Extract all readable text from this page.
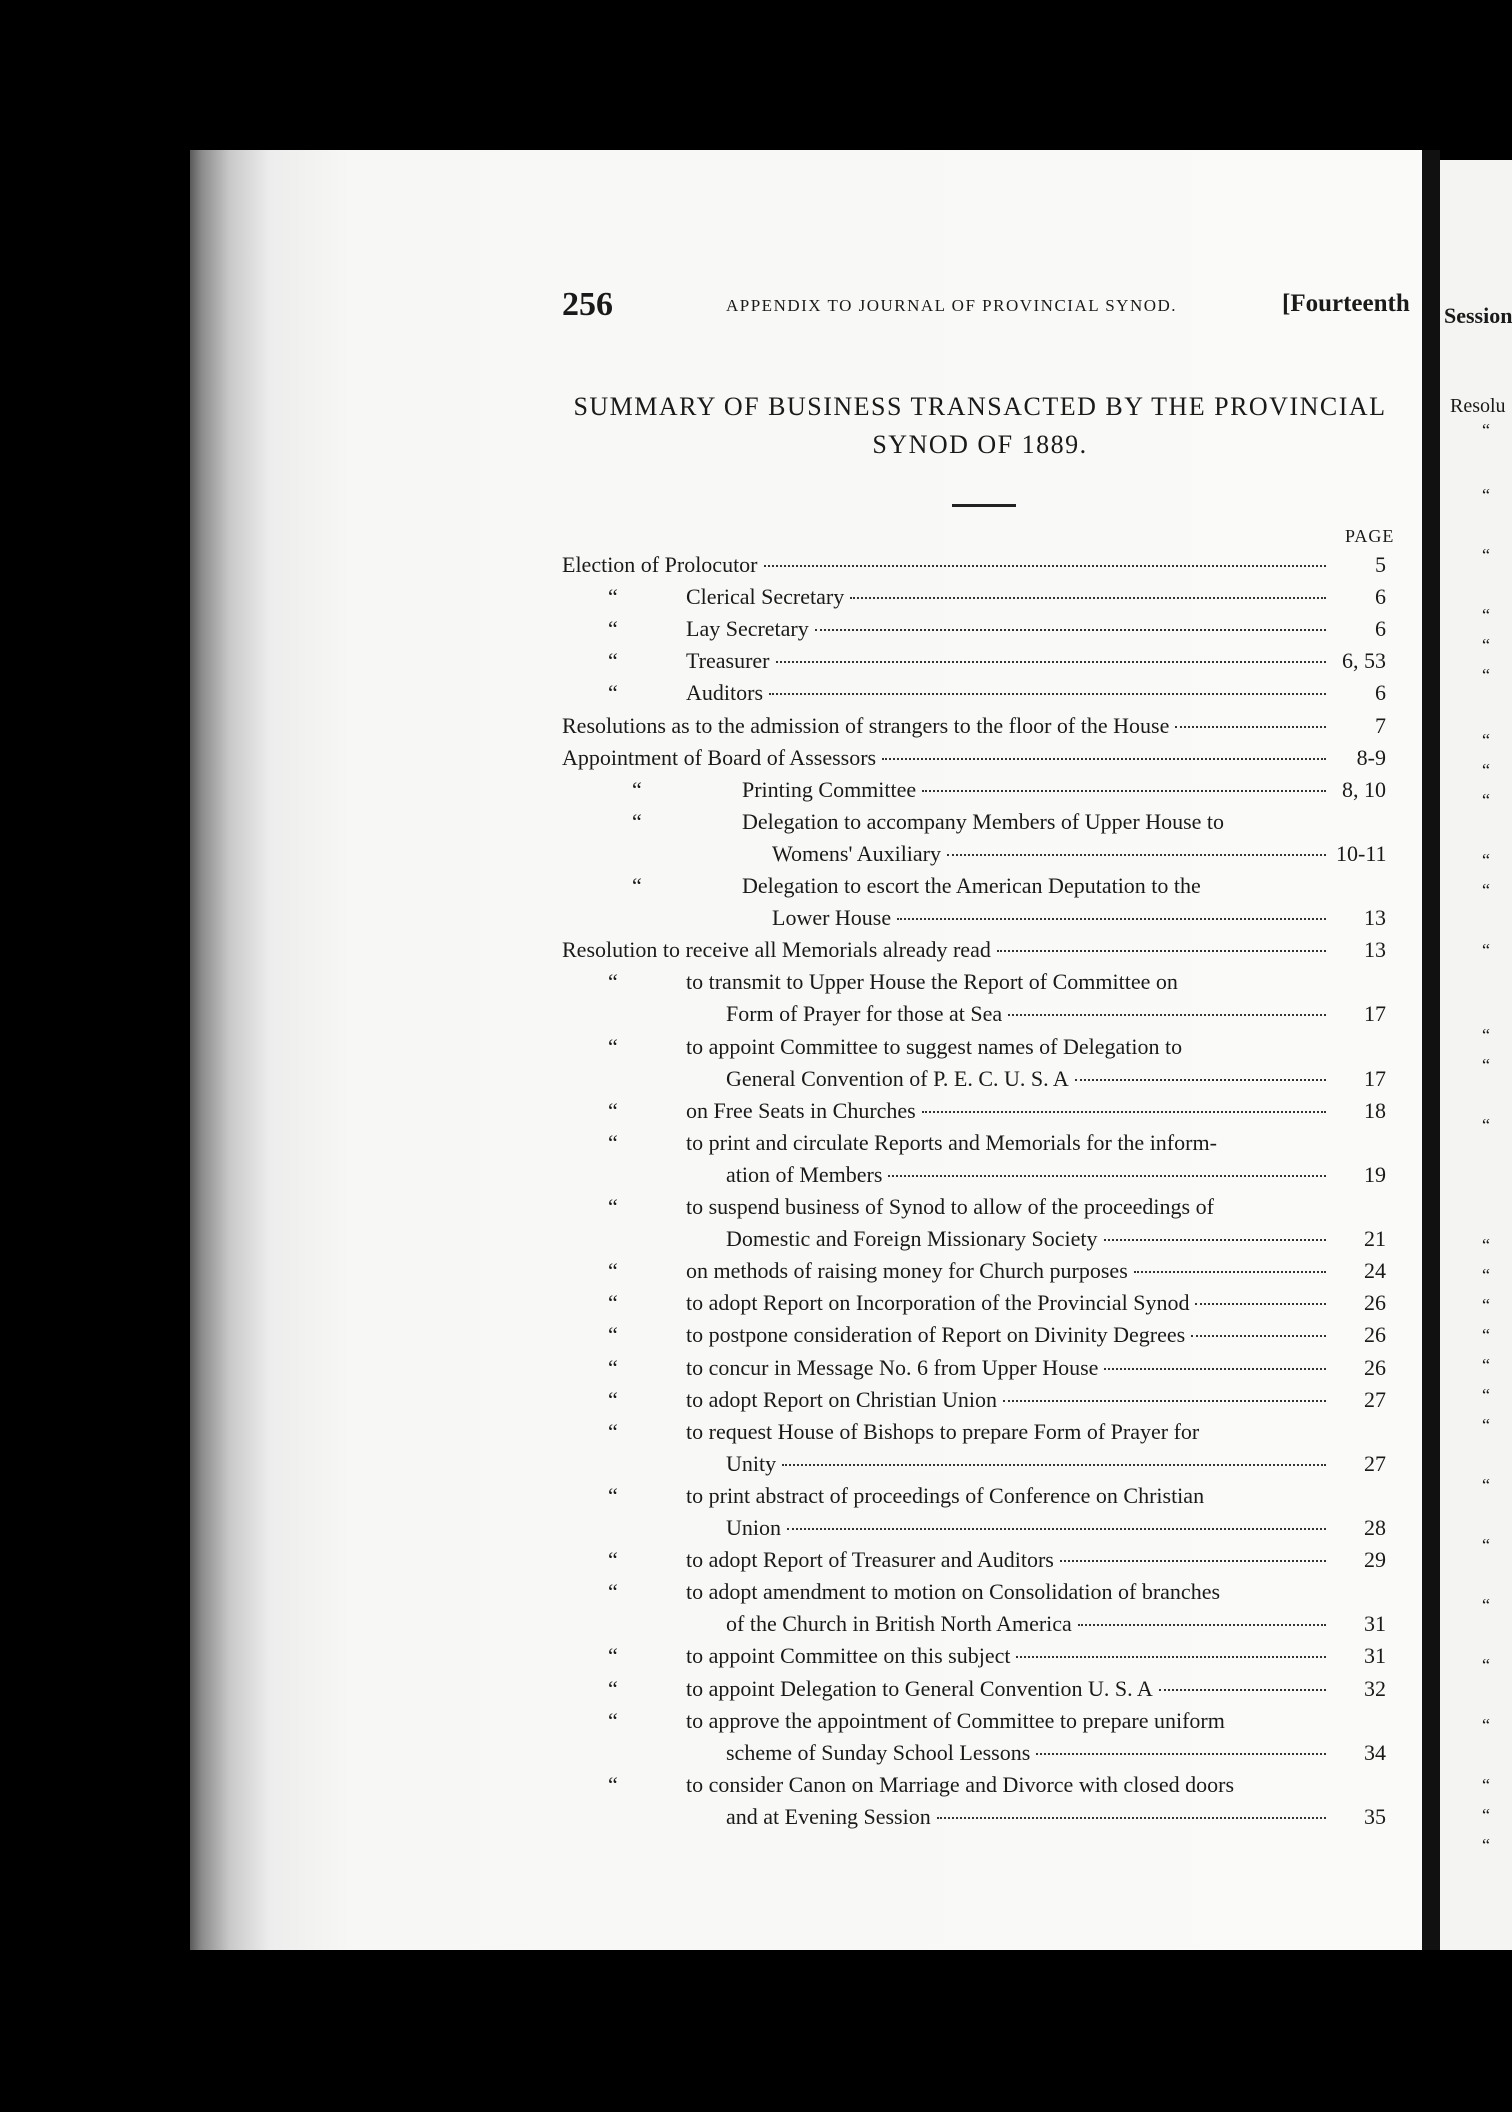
Session
Resolu
“
“
“
“
“
“
“
“
“
“
“
“
“
“
“
“
“
“
“
“
“
“
“
“
“
“
“
“
“
“
256	APPENDIX TO JOURNAL OF PROVINCIAL SYNOD.	[Fourteenth
SUMMARY OF BUSINESS TRANSACTED BY THE PROVINCIAL
SYNOD OF 1889.
PAGE
Election of Prolocutor	5
“	Clerical Secretary	6
“	Lay Secretary	6
“	Treasurer	6, 53
“	Auditors	6
Resolutions as to the admission of strangers to the floor of the House	7
Appointment of Board of Assessors	8-9
“	Printing Committee	8, 10
“	Delegation to accompany Members of Upper House to
Womens' Auxiliary	10-11
“	Delegation to escort the American Deputation to the
Lower House	13
Resolution to receive all Memorials already read	13
“	to transmit to Upper House the Report of Committee on
Form of Prayer for those at Sea	17
“	to appoint Committee to suggest names of Delegation to
General Convention of P. E. C. U. S. A	17
“	on Free Seats in Churches	18
“	to print and circulate Reports and Memorials for the inform-
ation of Members	19
“	to suspend business of Synod to allow of the proceedings of
Domestic and Foreign Missionary Society	21
“	on methods of raising money for Church purposes	24
“	to adopt Report on Incorporation of the Provincial Synod	26
“	to postpone consideration of Report on Divinity Degrees	26
“	to concur in Message No. 6 from Upper House	26
“	to adopt Report on Christian Union	27
“	to request House of Bishops to prepare Form of Prayer for
Unity	27
“	to print abstract of proceedings of Conference on Christian
Union	28
“	to adopt Report of Treasurer and Auditors	29
“	to adopt amendment to motion on Consolidation of branches
of the Church in British North America	31
“	to appoint Committee on this subject	31
“	to appoint Delegation to General Convention U. S. A	32
“	to approve the appointment of Committee to prepare uniform
scheme of Sunday School Lessons	34
“	to consider Canon on Marriage and Divorce with closed doors
and at Evening Session	35
